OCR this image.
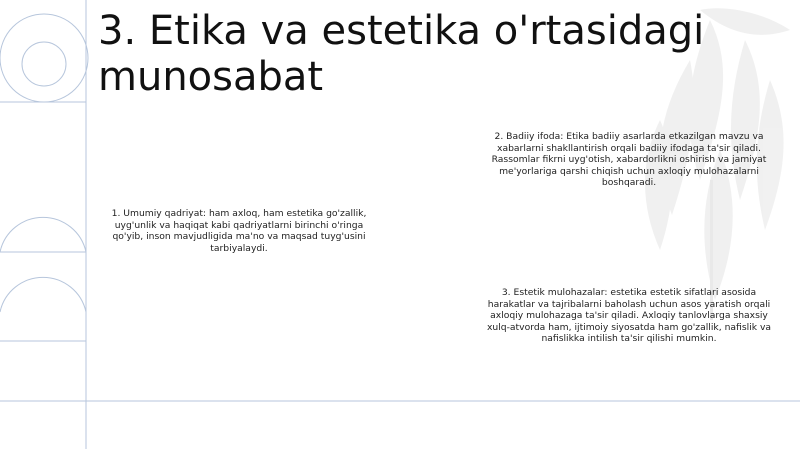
3. Etika va estetika o'rtasidagi munosabat
1. Umumiy qadriyat: ham axloq, ham estetika go'zallik, uyg'unlik va haqiqat kabi qadriyatlarni birinchi o'ringa qo'yib, inson mavjudligida ma'no va maqsad tuyg'usini tarbiyalaydi.
2. Badiiy ifoda: Etika badiiy asarlarda etkazilgan mavzu va xabarlarni shakllantirish orqali badiiy ifodaga ta'sir qiladi. Rassomlar fikrni uyg'otish, xabardorlikni oshirish va jamiyat me'yorlariga qarshi chiqish uchun axloqiy mulohazalarni boshqaradi.
3. Estetik mulohazalar: estetika estetik sifatlari asosida harakatlar va tajribalarni baholash uchun asos yaratish orqali axloqiy mulohazaga ta'sir qiladi. Axloqiy tanlovlarga shaxsiy xulq-atvorda ham, ijtimoiy siyosatda ham go'zallik, nafislik va nafislikka intilish ta'sir qilishi mumkin.
